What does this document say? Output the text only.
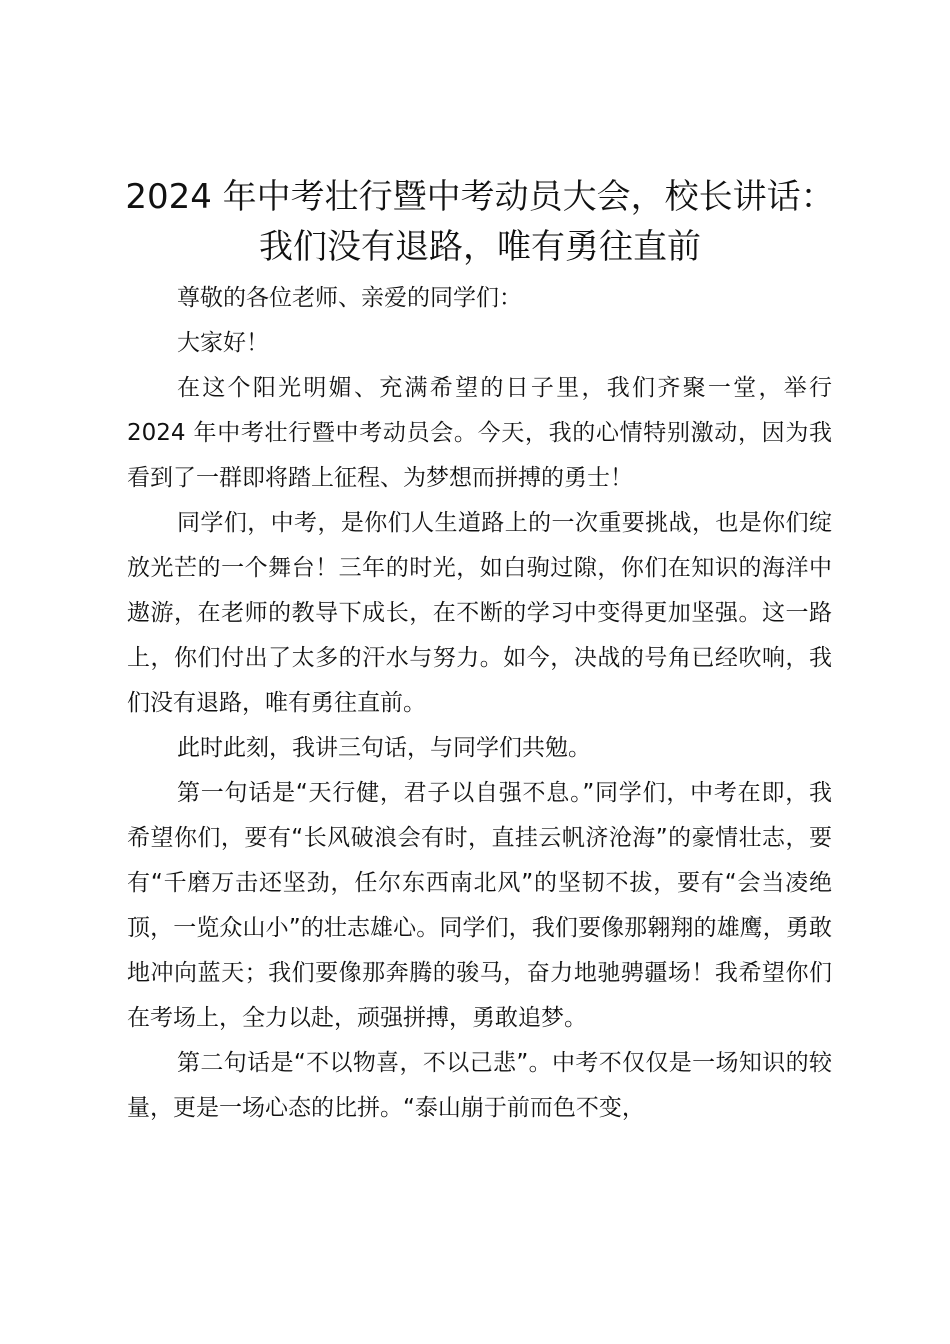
2024 年中考壮行暨中考动员大会，校长讲话：
我们没有退路，唯有勇往直前

尊敬的各位老师、亲爱的同学们：

大家好！

在这个阳光明媚、充满希望的日子里，我们齐聚一堂，举行 2024 年中考壮行暨中考动员会。今天，我的心情特别激动，因为我看到了一群即将踏上征程、为梦想而拼搏的勇士！

同学们，中考，是你们人生道路上的一次重要挑战，也是你们绽放光芒的一个舞台！三年的时光，如白驹过隙，你们在知识的海洋中遨游，在老师的教导下成长，在不断的学习中变得更加坚强。这一路上，你们付出了太多的汗水与努力。如今，决战的号角已经吹响，我们没有退路，唯有勇往直前。

此时此刻，我讲三句话，与同学们共勉。

第一句话是“天行健，君子以自强不息。”同学们，中考在即，我希望你们，要有“长风破浪会有时，直挂云帆济沧海”的豪情壮志，要有“千磨万击还坚劲，任尔东西南北风”的坚韧不拔，要有“会当凌绝顶，一览众山小”的壮志雄心。同学们，我们要像那翱翔的雄鹰，勇敢地冲向蓝天；我们要像那奔腾的骏马，奋力地驰骋疆场！我希望你们在考场上，全力以赴，顽强拼搏，勇敢追梦。

第二句话是“不以物喜，不以己悲”。中考不仅仅是一场知识的较量，更是一场心态的比拼。“泰山崩于前而色不变，
